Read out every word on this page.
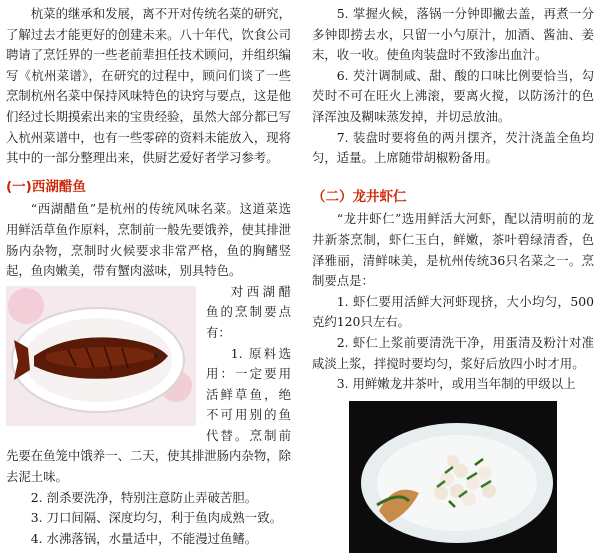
杭菜的继承和发展，离不开对传统名菜的研究，了解过去才能更好的创建未来。八十年代，饮食公司聘请了烹饪界的一些老前辈担任技术顾问，并组织编写《杭州菜谱》，在研究的过程中，顾问们谈了一些烹制杭州名菜中保持风味特色的诀窍与要点，这是他们经过长期摸索出来的宝贵经验，虽然大部分都已写入杭州菜谱中，也有一些零碎的资料未能放入，现将其中的一部分整理出来，供厨艺爱好者学习参考。

(一)西湖醋鱼

“西湖醋鱼”是杭州的传统风味名菜。这道菜选用鲜活草鱼作原料，烹制前一般先要饿养，使其排泄肠内杂物，烹制时火候要求非常严格，鱼的胸鳍竖起，鱼肉嫩美，带有蟹肉滋味，别具特色。

对西湖醋鱼的烹制要点有：

1. 原料选用：一定要用活鲜草鱼，绝不可用别的鱼代替。烹制前先要在鱼笼中饿养一、二天，使其排泄肠内杂物，除去泥土味。

2. 剖杀要洗净，特别注意防止弄破苦胆。

3. 刀口间隔、深度均匀，利于鱼肉成熟一致。

4. 水沸落锅，水量适中，不能漫过鱼鳍。

5. 掌握火候，落锅一分钟即撇去盖，再煮一分多钟即捞去水，只留一小勺原汁，加酒、酱油、姜末，收一收。使鱼肉装盘时不致渗出血汁。

6. 芡汁调制咸、甜、酸的口味比例要恰当，勾芡时不可在旺火上沸滚，要离火搅，以防汤汁的色泽浑浊及糊味蒸发掉，并切忌放油。

7. 装盘时要将鱼的两爿摆齐，芡汁浇盖全鱼均匀，适量。上席随带胡椒粉备用。

（二）龙井虾仁

“龙井虾仁”选用鲜活大河虾，配以清明前的龙井新茶烹制，虾仁玉白，鲜嫩，茶叶碧绿清香，色泽雅丽，清鲜味美，是杭州传统36只名菜之一。烹制要点是：

1. 虾仁要用活鲜大河虾现挤，大小均匀，500克约120只左右。

2. 虾仁上浆前要清洗干净，用蛋清及粉汁对准咸淡上浆，拌搅时要均匀，浆好后放四小时才用。

3. 用鲜嫩龙井茶叶，或用当年制的甲级以上
